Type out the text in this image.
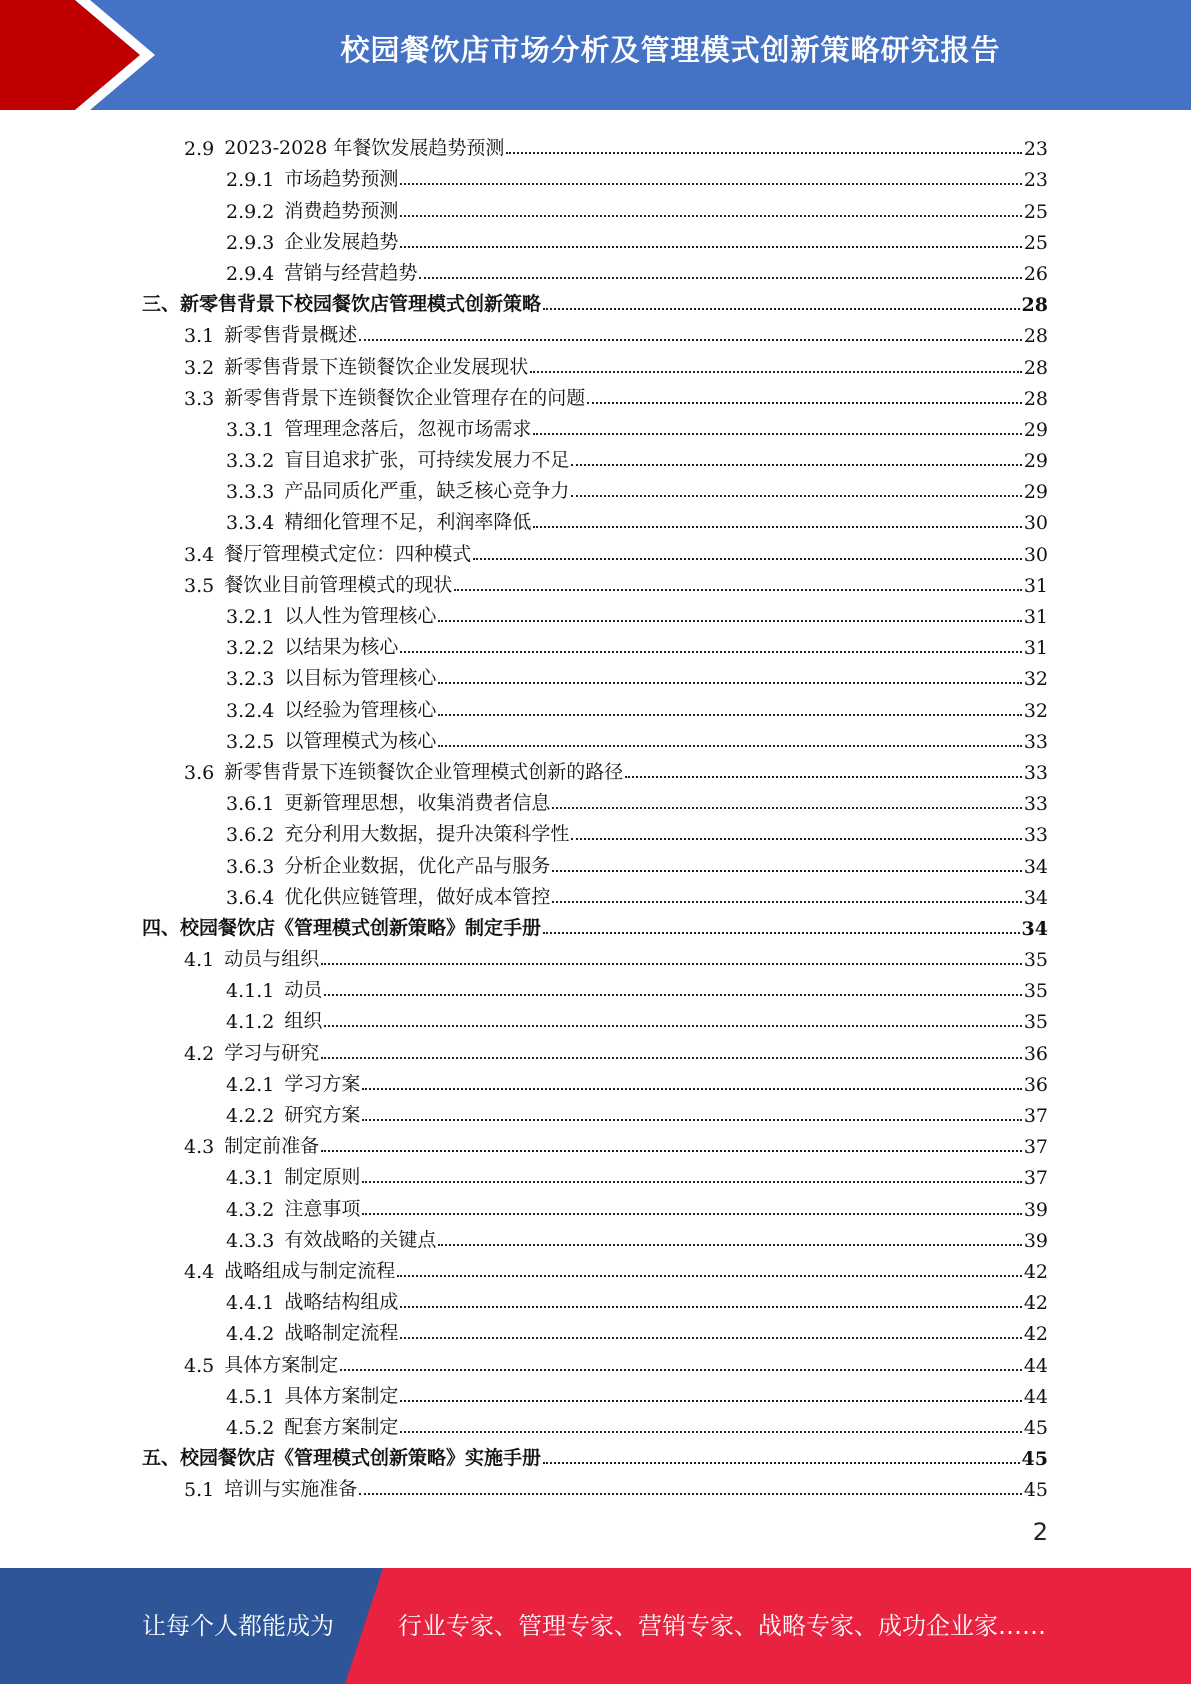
校园餐饮店市场分析及管理模式创新策略研究报告
2.9 2023-2028 年餐饮发展趋势预测	23
2.9.1 市场趋势预测	23
2.9.2 消费趋势预测	25
2.9.3 企业发展趋势	25
2.9.4 营销与经营趋势	26
三、 新零售背景下校园餐饮店管理模式创新策略	28
3.1 新零售背景概述	28
3.2 新零售背景下连锁餐饮企业发展现状	28
3.3 新零售背景下连锁餐饮企业管理存在的问题	28
3.3.1 管理理念落后，忽视市场需求	29
3.3.2 盲目追求扩张，可持续发展力不足	29
3.3.3 产品同质化严重，缺乏核心竞争力	29
3.3.4 精细化管理不足，利润率降低	30
3.4 餐厅管理模式定位：四种模式	30
3.5 餐饮业目前管理模式的现状	31
3.2.1 以人性为管理核心	31
3.2.2 以结果为核心	31
3.2.3 以目标为管理核心	32
3.2.4 以经验为管理核心	32
3.2.5 以管理模式为核心	33
3.6 新零售背景下连锁餐饮企业管理模式创新的路径	33
3.6.1 更新管理思想，收集消费者信息	33
3.6.2 充分利用大数据，提升决策科学性	33
3.6.3 分析企业数据，优化产品与服务	34
3.6.4 优化供应链管理，做好成本管控	34
四、 校园餐饮店《管理模式创新策略》制定手册	34
4.1 动员与组织	35
4.1.1 动员	35
4.1.2 组织	35
4.2 学习与研究	36
4.2.1 学习方案	36
4.2.2 研究方案	37
4.3 制定前准备	37
4.3.1 制定原则	37
4.3.2 注意事项	39
4.3.3 有效战略的关键点	39
4.4 战略组成与制定流程	42
4.4.1 战略结构组成	42
4.4.2 战略制定流程	42
4.5 具体方案制定	44
4.5.1 具体方案制定	44
4.5.2 配套方案制定	45
五、 校园餐饮店《管理模式创新策略》实施手册	45
5.1 培训与实施准备	45
2
让每个人都能成为	行业专家、管理专家、营销专家、战略专家、成功企业家……
